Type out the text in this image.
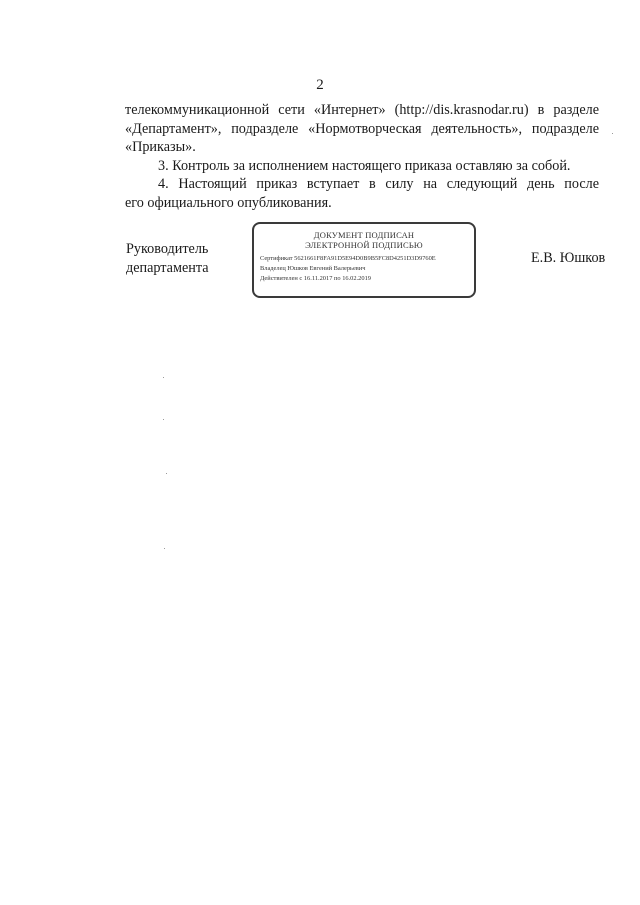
2

телекоммуникационной сети «Интернет» (http://dis.krasnodar.ru) в разделе «Департамент», подразделе «Нормотворческая деятельность», подразделе «Приказы».

3. Контроль за исполнением настоящего приказа оставляю за собой.

4. Настоящий приказ вступает в силу на следующий день после

его официального опубликования.

Руководитель
департамента
ДОКУМЕНТ ПОДПИСАН
ЭЛЕКТРОННОЙ ПОДПИСЬЮ
Сертификат 5621661F8FA91D5E94D0B9B5FC8D4251D3D9760E
Владелец Юшков Евгений Валерьевич
Действителен с 16.11.2017 по 16.02.2019
Е.В. Юшков
